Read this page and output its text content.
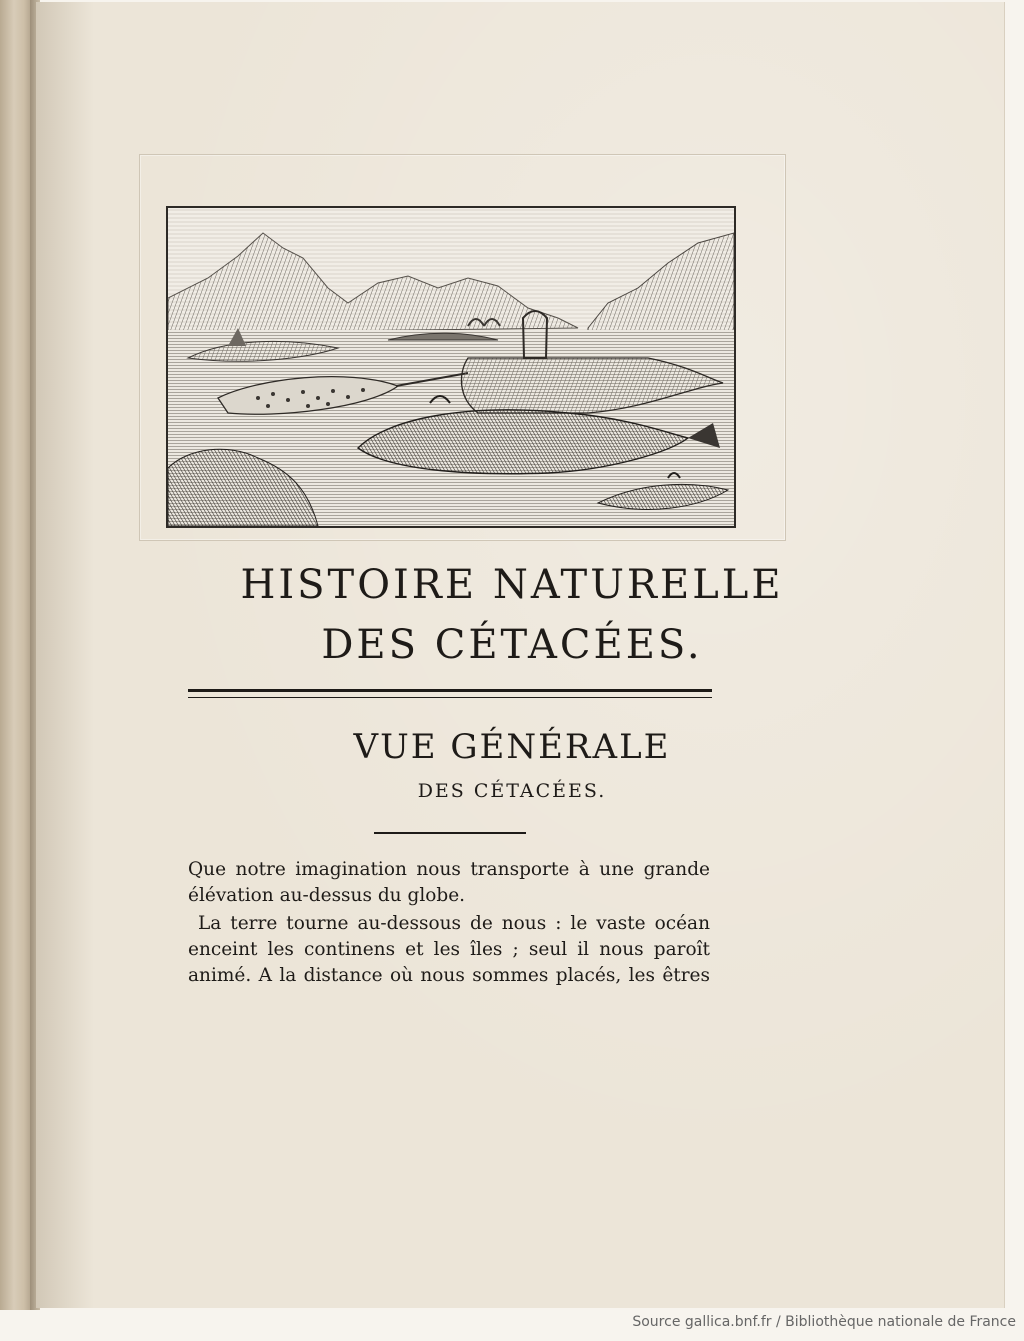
HISTOIRE NATURELLE
DES CÉTACÉES.
VUE GÉNÉRALE
DES CÉTACÉES.
Que notre imagination nous transporte à une grande
élévation au-dessus du globe.
La terre tourne au-dessous de nous : le vaste océan
enceint les continens et les îles ; seul il nous paroît
animé. A la distance où nous sommes placés, les êtres
Source gallica.bnf.fr / Bibliothèque nationale de France
